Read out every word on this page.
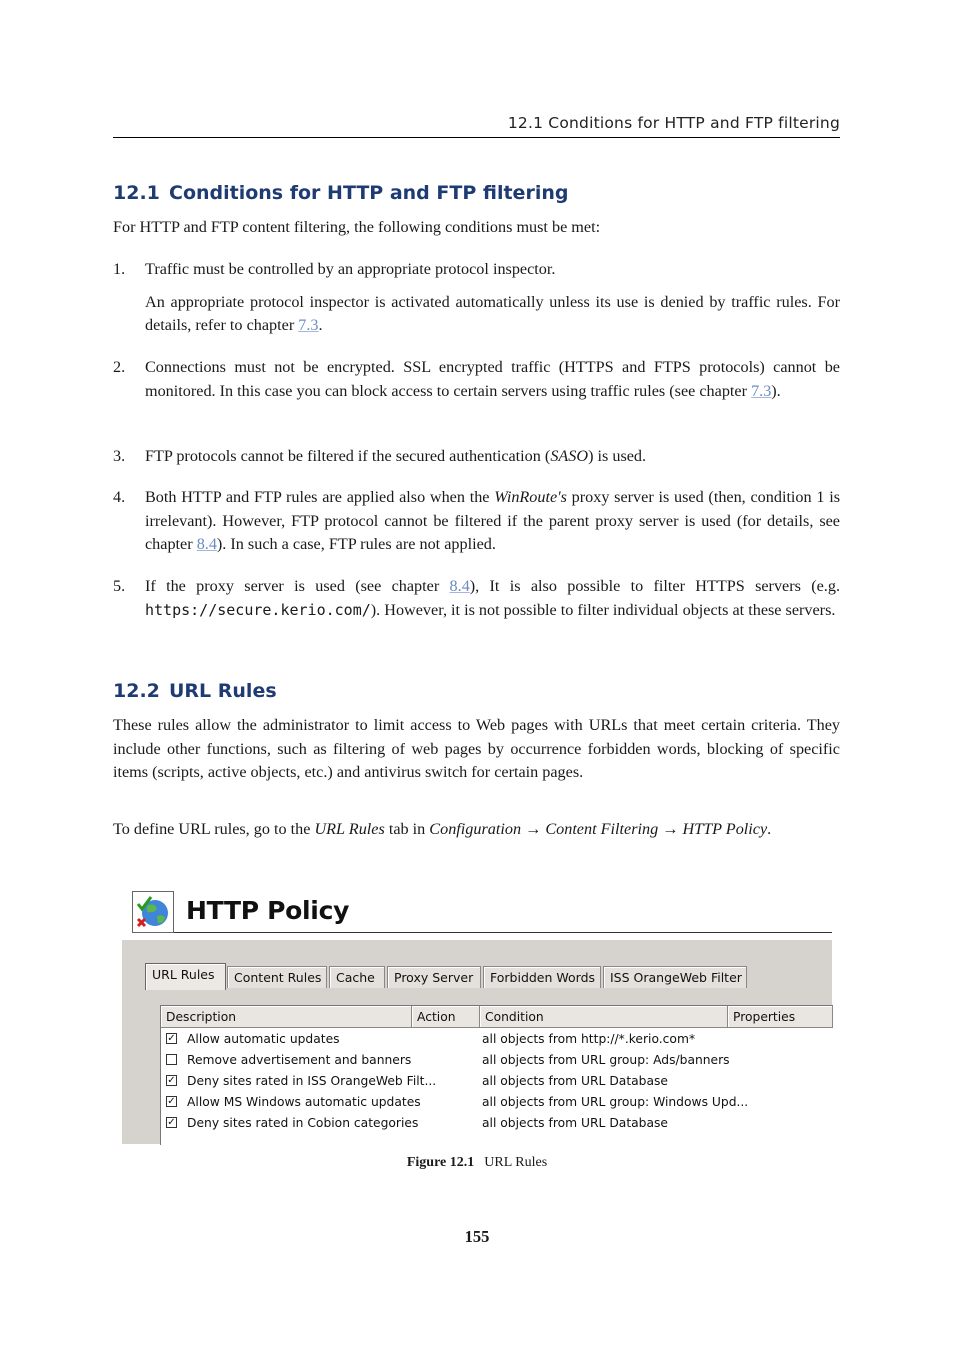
12.1 Conditions for HTTP and FTP filtering
12.1 Conditions for HTTP and FTP filtering

For HTTP and FTP content filtering, the following conditions must be met:

1. Traffic must be controlled by an appropriate protocol inspector.

An appropriate protocol inspector is activated automatically unless its use is denied by traffic rules. For details, refer to chapter 7.3.

2. Connections must not be encrypted. SSL encrypted traffic (HTTPS and FTPS protocols) cannot be monitored. In this case you can block access to certain servers using traffic rules (see chapter 7.3).

3. FTP protocols cannot be filtered if the secured authentication (SASO) is used.

4. Both HTTP and FTP rules are applied also when the WinRoute's proxy server is used (then, condition 1 is irrelevant). However, FTP protocol cannot be filtered if the parent proxy server is used (for details, see chapter 8.4). In such a case, FTP rules are not applied.

5. If the proxy server is used (see chapter 8.4), It is also possible to filter HTTPS servers (e.g. https://secure.kerio.com/). However, it is not possible to filter individual objects at these servers.

12.2 URL Rules

These rules allow the administrator to limit access to Web pages with URLs that meet certain criteria. They include other functions, such as filtering of web pages by occurrence forbidden words, blocking of specific items (scripts, active objects, etc.) and antivirus switch for certain pages.

To define URL rules, go to the URL Rules tab in Configuration → Content Filtering → HTTP Policy.

HTTP Policy
URL Rules	Content Rules	Cache	Proxy Server	Forbidden Words	ISS OrangeWeb Filter
Description	Action	Condition	Properties
✓ Allow automatic updates	all objects from http://*.kerio.com*
Remove advertisement and banners	all objects from URL group: Ads/banners
✓ Deny sites rated in ISS OrangeWeb Filt...	all objects from URL Database
✓ Allow MS Windows automatic updates	all objects from URL group: Windows Upd...
✓ Deny sites rated in Cobion categories	all objects from URL Database
Figure 12.1 URL Rules
155
